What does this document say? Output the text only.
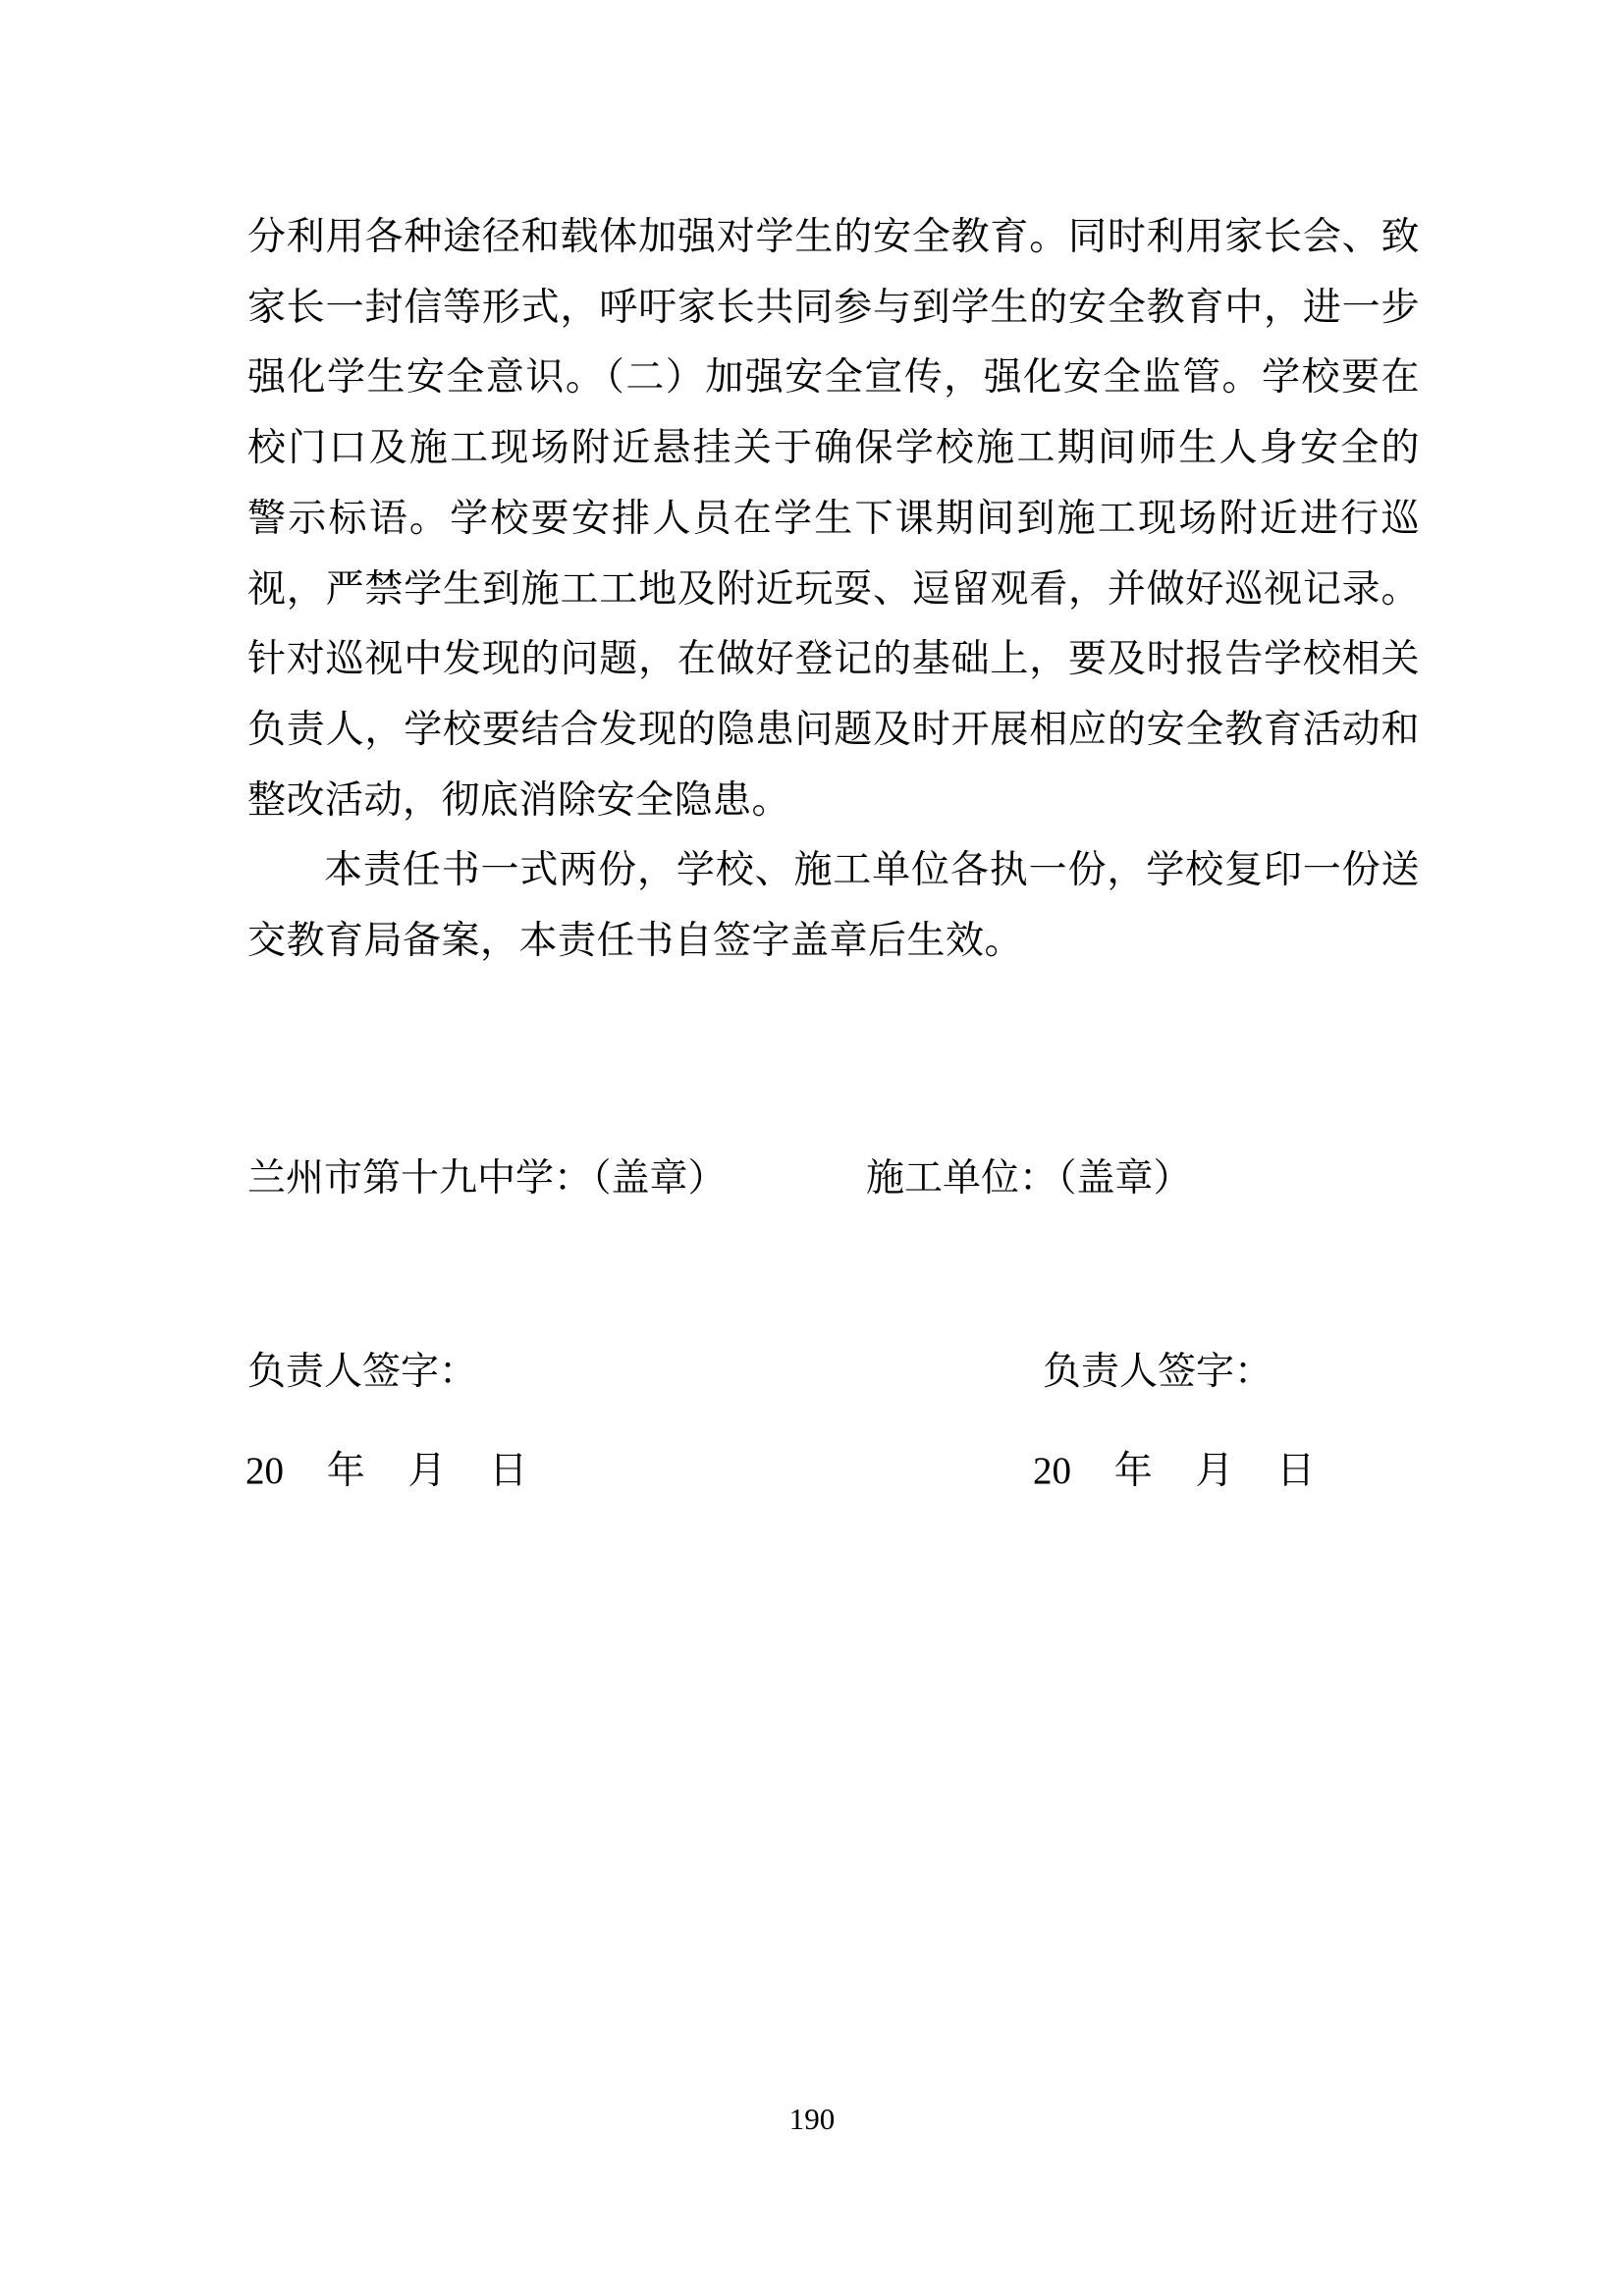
分利用各种途径和载体加强对学生的安全教育。同时利用家长会、致
家长一封信等形式，呼吁家长共同参与到学生的安全教育中，进一步
强化学生安全意识。（二）加强安全宣传，强化安全监管。学校要在
校门口及施工现场附近悬挂关于确保学校施工期间师生人身安全的
警示标语。学校要安排人员在学生下课期间到施工现场附近进行巡
视，严禁学生到施工工地及附近玩耍、逗留观看，并做好巡视记录。
针对巡视中发现的问题，在做好登记的基础上，要及时报告学校相关
负责人，学校要结合发现的隐患问题及时开展相应的安全教育活动和
整改活动，彻底消除安全隐患。
本责任书一式两份，学校、施工单位各执一份，学校复印一份送
交教育局备案，本责任书自签字盖章后生效。
兰州市第十九中学：（盖章）	施工单位：（盖章）
负责人签字：	负责人签字：
20 年 月 日	20 年 月 日
190
